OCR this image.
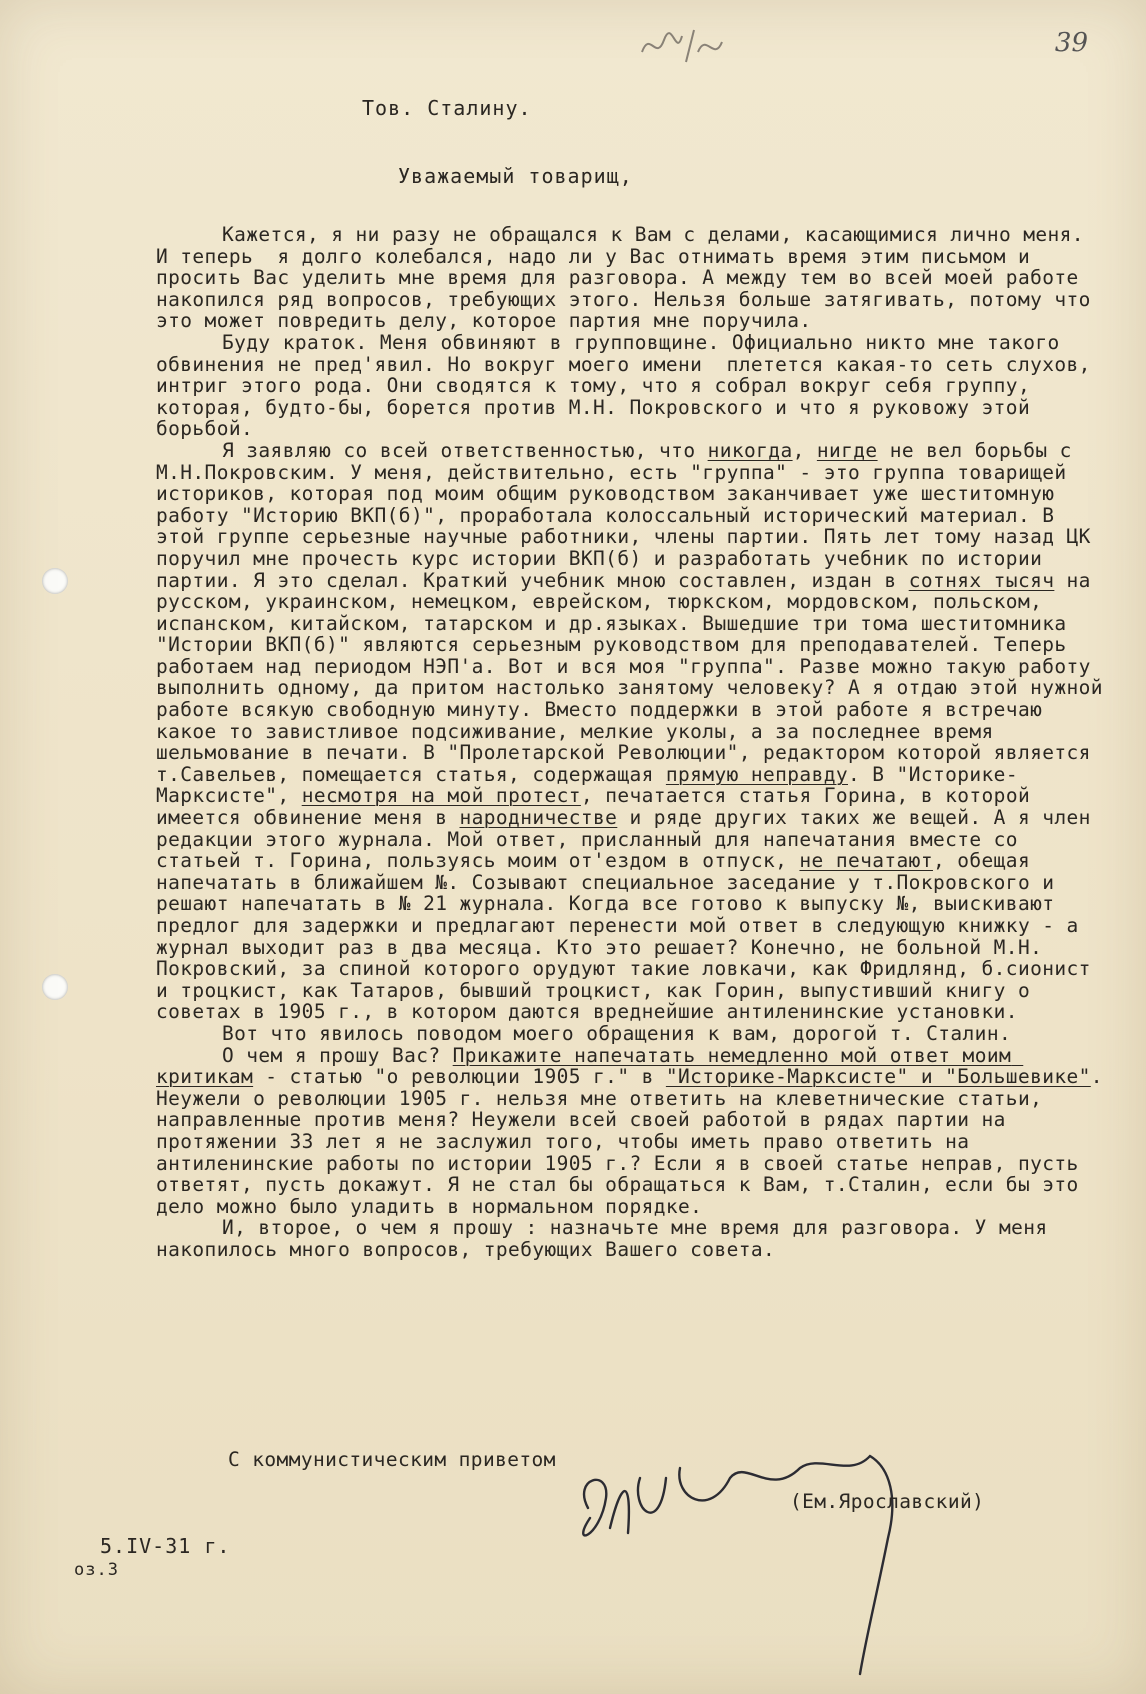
39
Тов. Сталину.
Уважаемый товарищ,

Кажется, я ни разу не обращался к Вам с делами, касающимися лично меня. И теперь  я долго колебался, надо ли у Вас отнимать время этим письмом и просить Вас уделить мне время для разговора. А между тем во всей моей работе накопился ряд вопросов, требующих этого. Нельзя больше затягивать, потому что это может повредить делу, которое партия мне поручила.

Буду краток. Меня обвиняют в групповщине. Официально никто мне такого обвинения не пред'явил. Но вокруг моего имени  плетется какая-то сеть слухов, интриг этого рода. Они сводятся к тому, что я собрал вокруг себя группу, которая, будто-бы, борется против М.Н. Покровского и что я руковожу этой борьбой.

Я заявляю со всей ответственностью, что никогда, нигде не вел борьбы с М.Н.Покровским. У меня, действительно, есть "группа" - это группа товарищей историков, которая под моим общим руководством заканчивает уже шеститомную работу "Историю ВКП(б)", проработала колоссальный исторический материал. В этой группе серьезные научные работники, члены партии. Пять лет тому назад ЦК поручил мне прочесть курс истории ВКП(б) и разработать учебник по истории партии. Я это сделал. Краткий учебник мною составлен, издан в сотнях тысяч на русском, украинском, немецком, еврейском, тюркском, мордовском, польском, испанском, китайском, татарском и др.языках. Вышедшие три тома шеститомника "Истории ВКП(б)" являются серьезным руководством для преподавателей. Теперь работаем над периодом НЭП'а. Вот и вся моя "группа". Разве можно такую работу выполнить одному, да притом настолько занятому человеку? А я отдаю этой нужной работе всякую свободную минуту. Вместо поддержки в этой работе я встречаю какое то завистливое подсиживание, мелкие уколы, а за последнее время шельмование в печати. В "Пролетарской Революции", редактором которой является т.Савельев, помещается статья, содержащая прямую неправду. В "Историке-Марксисте", несмотря на мой протест, печатается статья Горина, в которой имеется обвинение меня в народничестве и ряде других таких же вещей. А я член редакции этого журнала. Мой ответ, присланный для напечатания вместе со статьей т. Горина, пользуясь моим от'ездом в отпуск, не печатают, обещая напечатать в ближайшем №. Созывают специальное заседание у т.Покровского и решают напечатать в № 21 журнала. Когда все готово к выпуску №, выискивают предлог для задержки и предлагают перенести мой ответ в следующую книжку - а журнал выходит раз в два месяца. Кто это решает? Конечно, не больной М.Н. Покровский, за спиной которого орудуют такие ловкачи, как Фридлянд, б.сионист и троцкист, как Татаров, бывший троцкист, как Горин, выпустивший книгу о советах в 1905 г., в котором даются вреднейшие антиленинские установки.

Вот что явилось поводом моего обращения к вам, дорогой т. Сталин.

О чем я прошу Вас? Прикажите напечатать немедленно мой ответ моим критикам - статью "о революции 1905 г." в "Историке-Марксисте" и "Большевике". Неужели о революции 1905 г. нельзя мне ответить на клеветнические статьи, направленные против меня? Неужели всей своей работой в рядах партии на протяжении 33 лет я не заслужил того, чтобы иметь право ответить на антиленинские работы по истории 1905 г.? Если я в своей статье неправ, пусть ответят, пусть докажут. Я не стал бы обращаться к Вам, т.Сталин, если бы это дело можно было уладить в нормальном порядке.

И, второе, о чем я прошу : назначьте мне время для разговора. У меня накопилось много вопросов, требующих Вашего совета.

С коммунистическим приветом
(Ем.Ярославский)
5.IV-31 г.
оз.3
